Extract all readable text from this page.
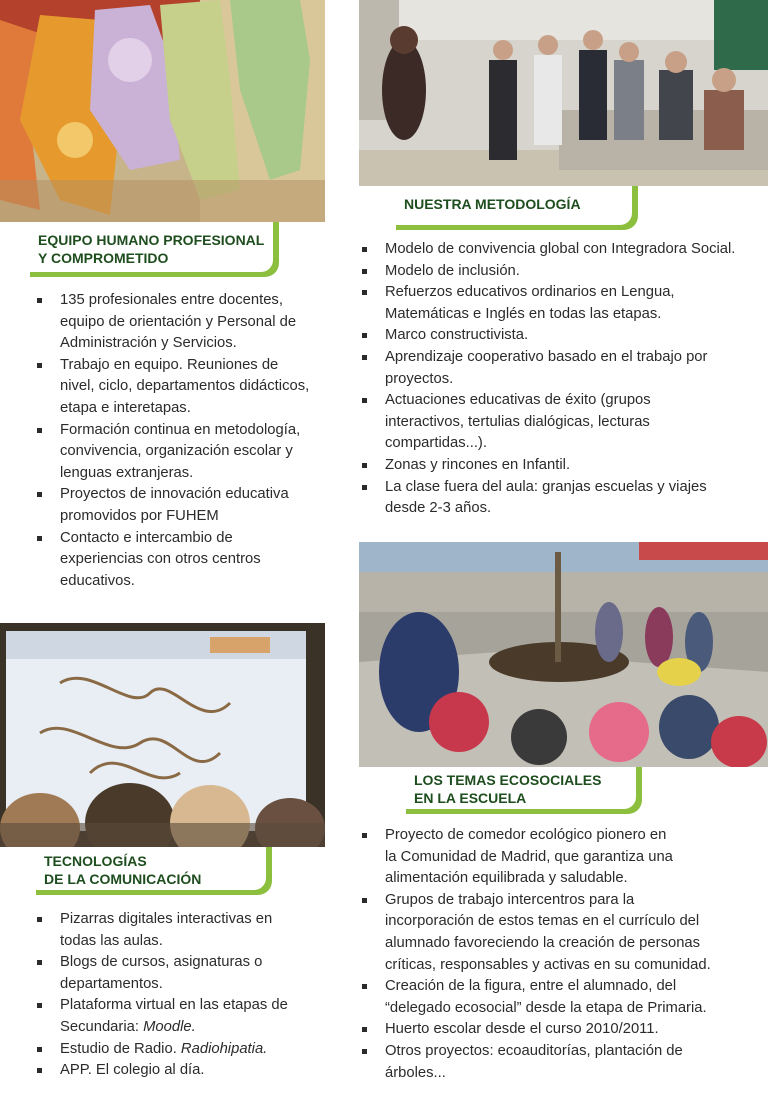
EQUIPO HUMANO PROFESIONAL
Y COMPROMETIDO
NUESTRA METODOLOGÍA
TECNOLOGÍAS
DE LA COMUNICACIÓN
LOS TEMAS ECOSOCIALES
EN LA ESCUELA
135 profesionales entre docentes,
equipo de orientación y Personal de
Administración y Servicios.
Trabajo en equipo. Reuniones de
nivel, ciclo, departamentos didácticos,
etapa e interetapas.
Formación continua en metodología,
convivencia, organización escolar y
lenguas extranjeras.
Proyectos de innovación educativa
promovidos por FUHEM
Contacto e intercambio de
experiencias con otros centros
educativos.
Modelo de convivencia global con Integradora Social.
Modelo de inclusión.
Refuerzos educativos ordinarios en Lengua,
Matemáticas e Inglés en todas las etapas.
Marco constructivista.
Aprendizaje cooperativo basado en el trabajo por
proyectos.
Actuaciones educativas de éxito (grupos
interactivos, tertulias dialógicas, lecturas
compartidas...).
Zonas y rincones en Infantil.
La clase fuera del aula: granjas escuelas y viajes
desde 2-3 años.
Pizarras digitales interactivas en
todas las aulas.
Blogs de cursos, asignaturas o
departamentos.
Plataforma virtual en las etapas de
Secundaria: Moodle.
Estudio de Radio. Radiohipatia.
APP. El colegio al día.
Proyecto de comedor ecológico pionero en
la Comunidad de Madrid, que garantiza una
alimentación equilibrada y saludable.
Grupos de trabajo intercentros para la
incorporación de estos temas en el currículo del
alumnado favoreciendo la creación de personas
críticas, responsables y activas en su comunidad.
Creación de la figura, entre el alumnado, del
“delegado ecosocial” desde la etapa de Primaria.
Huerto escolar desde el curso 2010/2011.
Otros proyectos: ecoauditorías, plantación de
árboles...
